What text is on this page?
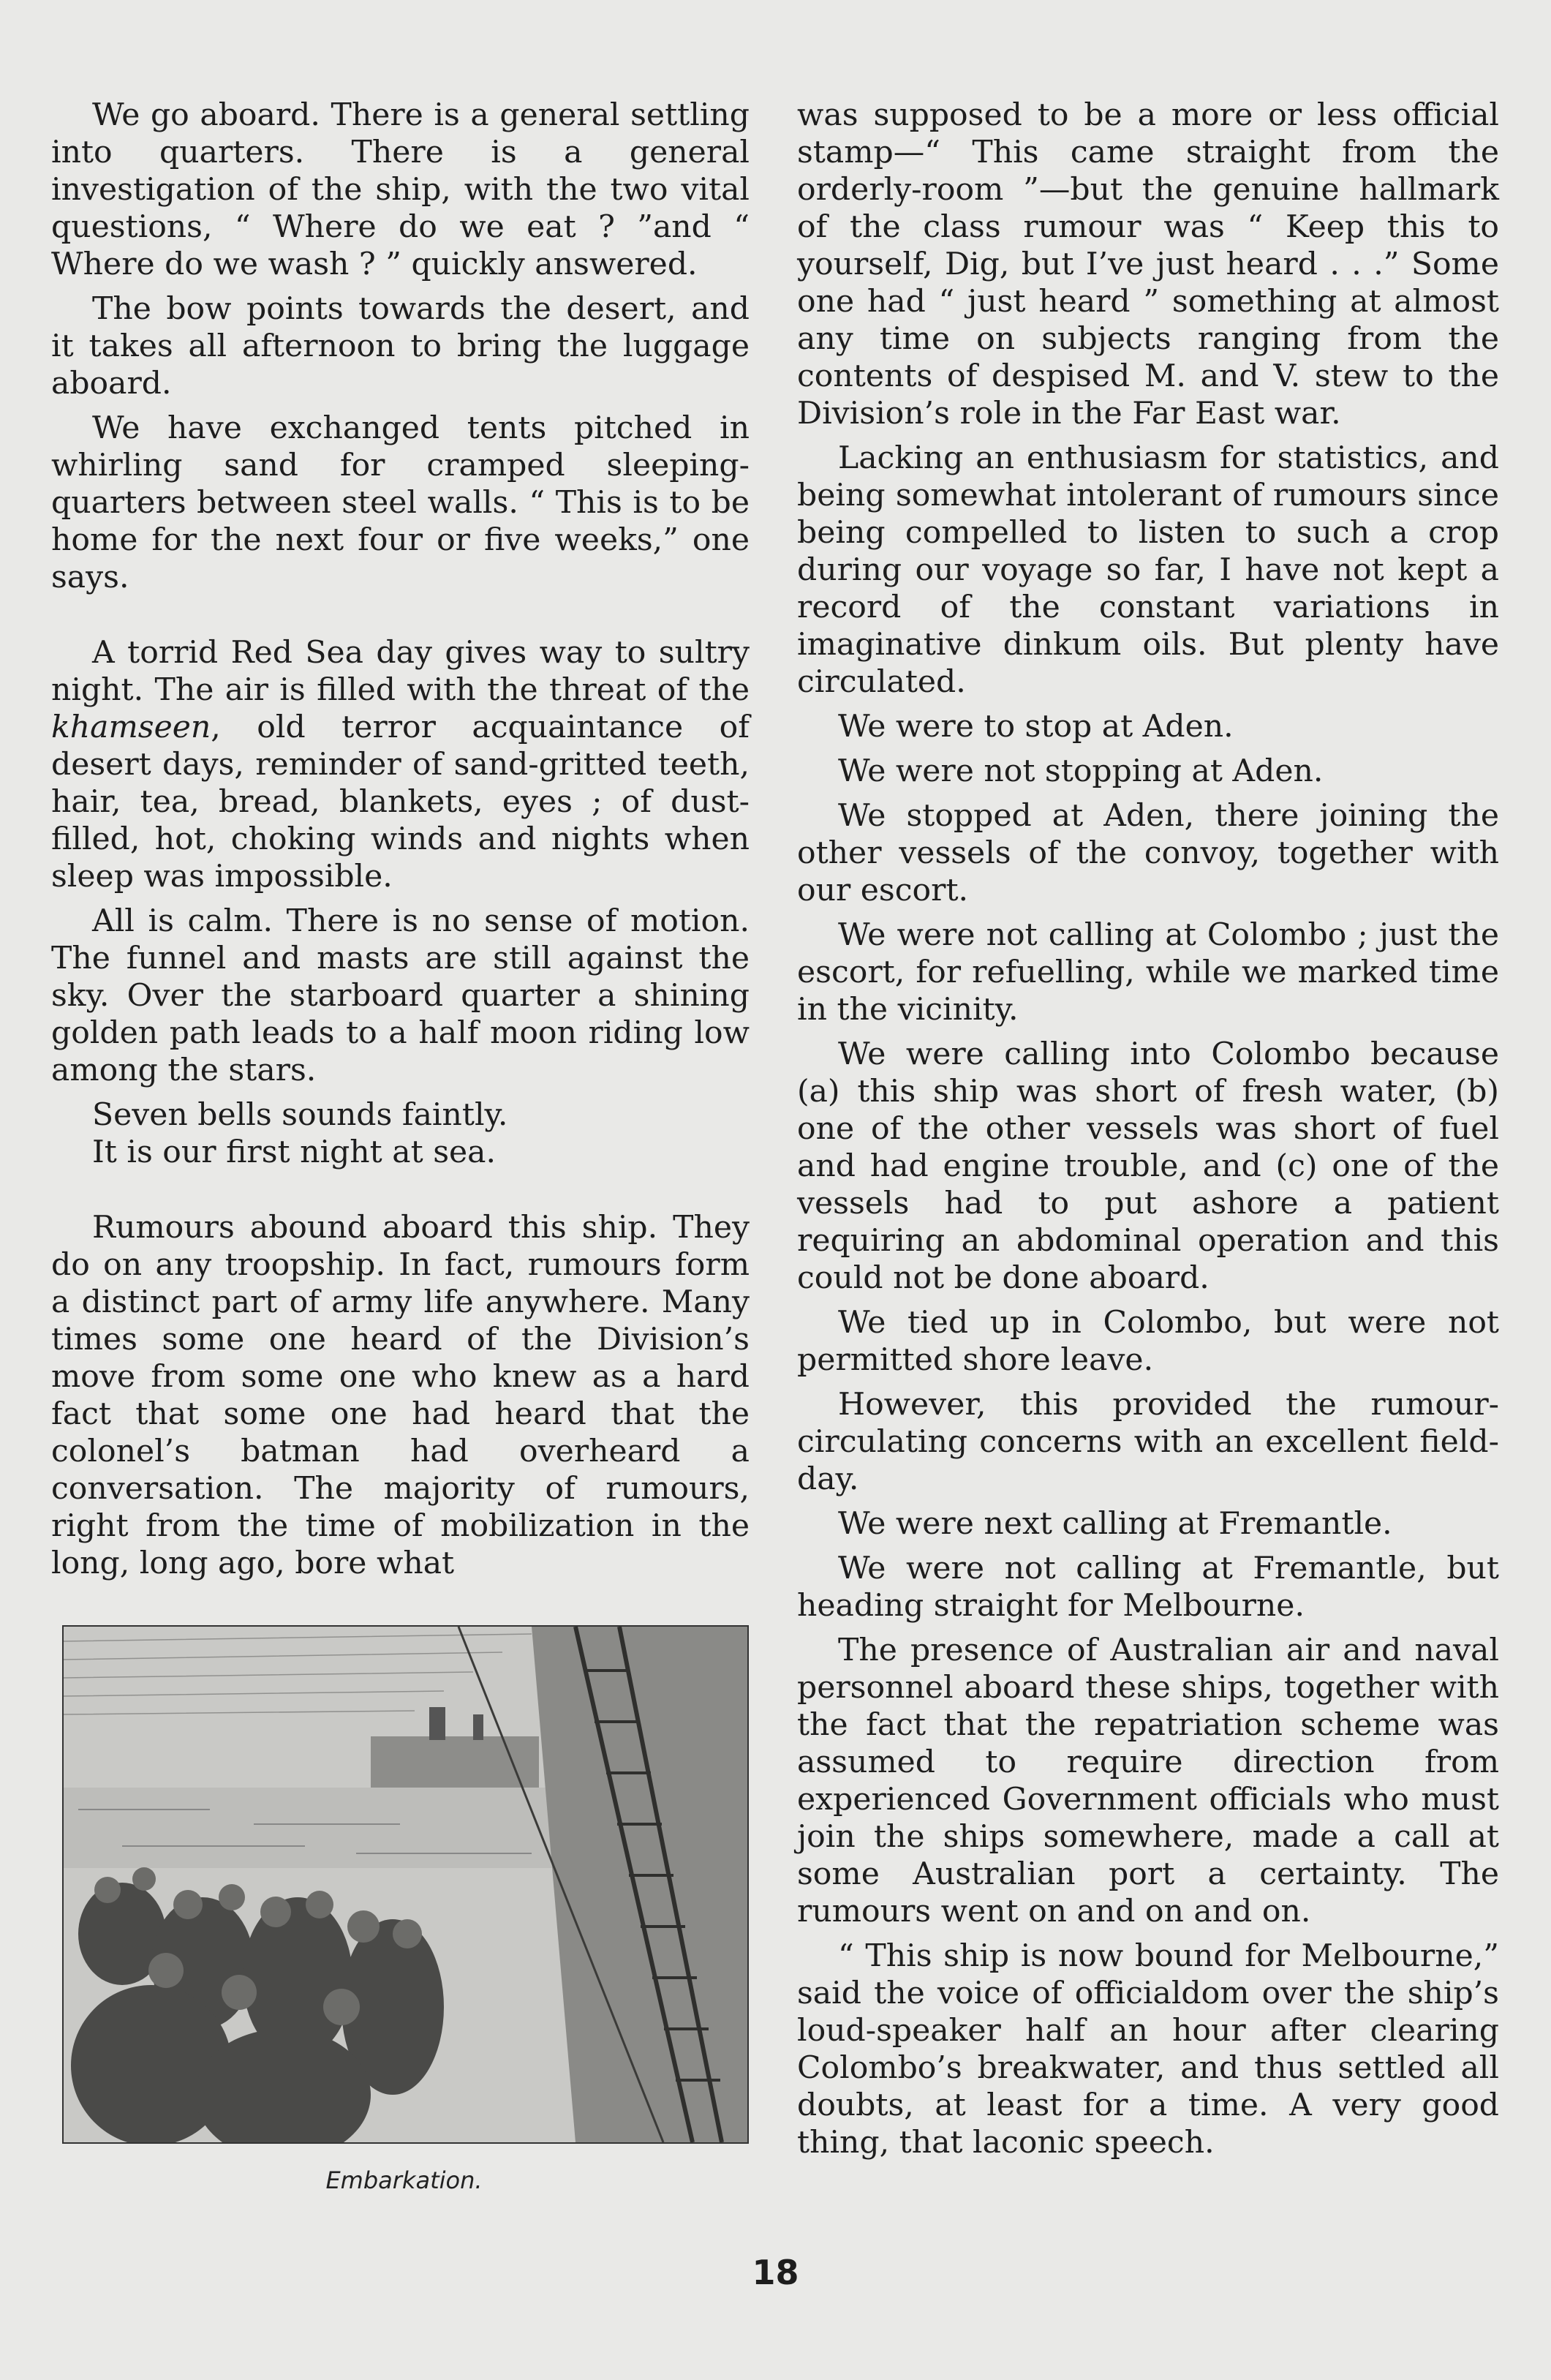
We go aboard. There is a general settling into quarters. There is a general investigation of the ship, with the two vital questions, “ Where do we eat ? ”and “ Where do we wash ? ” quickly answered.

The bow points towards the desert, and it takes all afternoon to bring the luggage aboard.

We have exchanged tents pitched in whirling sand for cramped sleeping-quarters between steel walls. “ This is to be home for the next four or five weeks,” one says.

A torrid Red Sea day gives way to sultry night. The air is filled with the threat of the khamseen, old terror acquaintance of desert days, reminder of sand-gritted teeth, hair, tea, bread, blankets, eyes ; of dust-filled, hot, choking winds and nights when sleep was impossible.

All is calm. There is no sense of motion. The funnel and masts are still against the sky. Over the starboard quarter a shining golden path leads to a half moon riding low among the stars.

Seven bells sounds faintly.

It is our first night at sea.

Rumours abound aboard this ship. They do on any troopship. In fact, rumours form a distinct part of army life anywhere. Many times some one heard of the Division’s move from some one who knew as a hard fact that some one had heard that the colonel’s batman had overheard a conversation. The majority of rumours, right from the time of mobilization in the long, long ago, bore what

was supposed to be a more or less official stamp—“ This came straight from the orderly-room ”—but the genuine hallmark of the class rumour was “ Keep this to yourself, Dig, but I’ve just heard . . .” Some one had “ just heard ” something at almost any time on subjects ranging from the contents of despised M. and V. stew to the Division’s role in the Far East war.

Lacking an enthusiasm for statistics, and being somewhat intolerant of rumours since being compelled to listen to such a crop during our voyage so far, I have not kept a record of the constant variations in imaginative dinkum oils. But plenty have circulated.

We were to stop at Aden.

We were not stopping at Aden.

We stopped at Aden, there joining the other vessels of the convoy, together with our escort.

We were not calling at Colombo ; just the escort, for refuelling, while we marked time in the vicinity.

We were calling into Colombo because (a) this ship was short of fresh water, (b) one of the other vessels was short of fuel and had engine trouble, and (c) one of the vessels had to put ashore a patient requiring an abdominal operation and this could not be done aboard.

We tied up in Colombo, but were not permitted shore leave.

However, this provided the rumour-circulating concerns with an excellent field-day.

We were next calling at Fremantle.

We were not calling at Fremantle, but heading straight for Melbourne.

The presence of Australian air and naval personnel aboard these ships, together with the fact that the repatriation scheme was assumed to require direction from experienced Government officials who must join the ships somewhere, made a call at some Australian port a certainty. The rumours went on and on and on.

“ This ship is now bound for Melbourne,” said the voice of officialdom over the ship’s loud-speaker half an hour after clearing Colombo’s breakwater, and thus settled all doubts, at least for a time. A very good thing, that laconic speech.

Embarkation.
18
